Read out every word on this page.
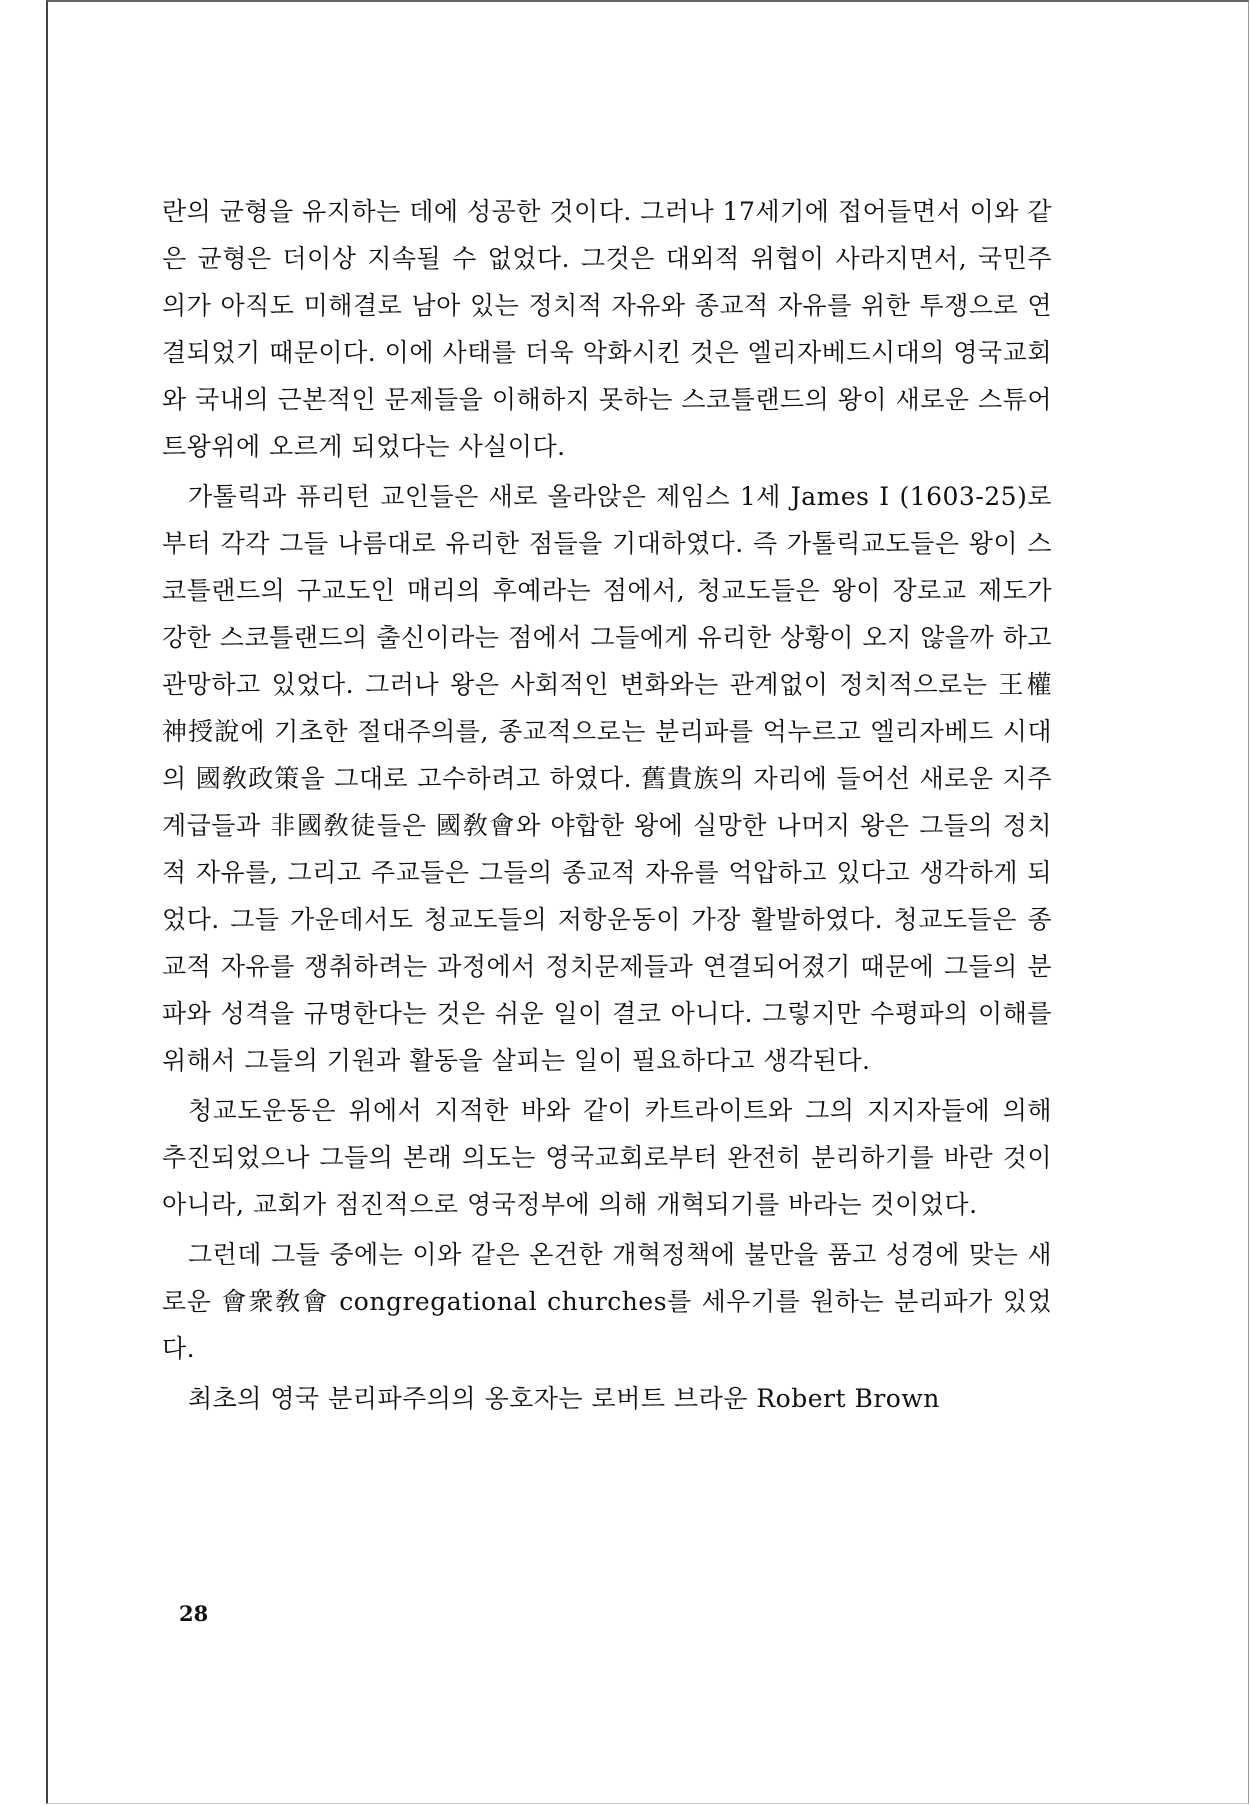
란의 균형을 유지하는 데에 성공한 것이다. 그러나 17세기에 접어들면서 이와 같은 균형은 더이상 지속될 수 없었다. 그것은 대외적 위협이 사라지면서, 국민주의가 아직도 미해결로 남아 있는 정치적 자유와 종교적 자유를 위한 투쟁으로 연결되었기 때문이다. 이에 사태를 더욱 악화시킨 것은 엘리자베드시대의 영국교회와 국내의 근본적인 문제들을 이해하지 못하는 스코틀랜드의 왕이 새로운 스튜어트왕위에 오르게 되었다는 사실이다.

가톨릭과 퓨리턴 교인들은 새로 올라앉은 제임스 1세 James I (1603-25)로부터 각각 그들 나름대로 유리한 점들을 기대하였다. 즉 가톨릭교도들은 왕이 스코틀랜드의 구교도인 매리의 후예라는 점에서, 청교도들은 왕이 장로교 제도가 강한 스코틀랜드의 출신이라는 점에서 그들에게 유리한 상황이 오지 않을까 하고 관망하고 있었다. 그러나 왕은 사회적인 변화와는 관계없이 정치적으로는 王權神授說에 기초한 절대주의를, 종교적으로는 분리파를 억누르고 엘리자베드 시대의 國敎政策을 그대로 고수하려고 하였다. 舊貴族의 자리에 들어선 새로운 지주계급들과 非國敎徒들은 國敎會와 야합한 왕에 실망한 나머지 왕은 그들의 정치적 자유를, 그리고 주교들은 그들의 종교적 자유를 억압하고 있다고 생각하게 되었다. 그들 가운데서도 청교도들의 저항운동이 가장 활발하였다. 청교도들은 종교적 자유를 쟁취하려는 과정에서 정치문제들과 연결되어졌기 때문에 그들의 분파와 성격을 규명한다는 것은 쉬운 일이 결코 아니다. 그렇지만 수평파의 이해를 위해서 그들의 기원과 활동을 살피는 일이 필요하다고 생각된다.

청교도운동은 위에서 지적한 바와 같이 카트라이트와 그의 지지자들에 의해 추진되었으나 그들의 본래 의도는 영국교회로부터 완전히 분리하기를 바란 것이 아니라, 교회가 점진적으로 영국정부에 의해 개혁되기를 바라는 것이었다.

그런데 그들 중에는 이와 같은 온건한 개혁정책에 불만을 품고 성경에 맞는 새로운 會衆敎會 congregational churches를 세우기를 원하는 분리파가 있었다.

최초의 영국 분리파주의의 옹호자는 로버트 브라운 Robert Brown

28
